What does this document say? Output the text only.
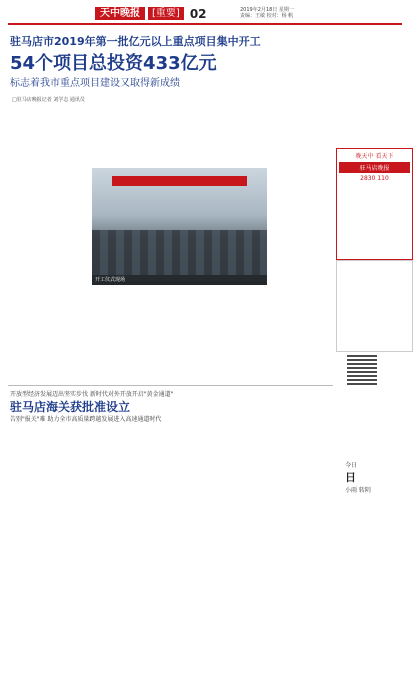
天中晚报	[重要] 02	2019年2月18日 星期一
责编：王敏 校对：杨 帆
驻马店市2019年第一批亿元以上重点项目集中开工
54个项目总投资433亿元
标志着我市重点项目建设又取得新成绩
□驻马店晚报记者 刘学志 通讯员
开工仪式现场
晚天中 看天下
驻马店晚报
2830 110
开放型经济发展迈出坚实步伐 新时代对外开放开启"黄金通道"
驻马店海关获批准设立
告别"报关"难 助力全市高质量跨越发展进入高速通道时代
今日
日
小雨 转阴
